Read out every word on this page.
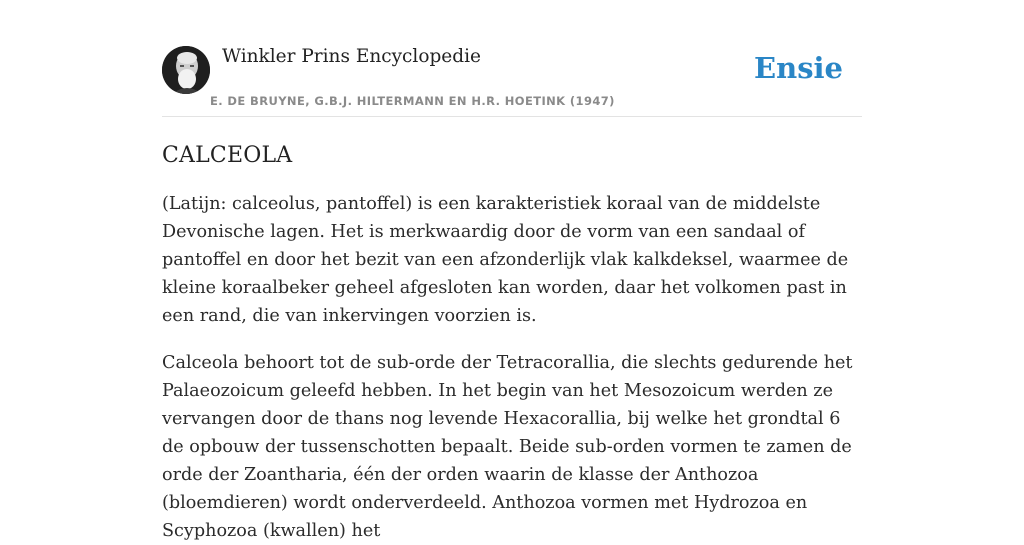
Winkler Prins Encyclopedie
E. DE BRUYNE, G.B.J. HILTERMANN EN H.R. HOETINK (1947)
Ensie
CALCEOLA

(Latijn: calceolus, pantoffel) is een karakteristiek koraal van de middelste Devonische lagen. Het is merkwaardig door de vorm van een sandaal of pantoffel en door het bezit van een afzonderlijk vlak kalkdeksel, waarmee de kleine koraalbeker geheel afgesloten kan worden, daar het volkomen past in een rand, die van inkervingen voorzien is.

Calceola behoort tot de sub-orde der Tetracorallia, die slechts gedurende het Palaeozoicum geleefd hebben. In het begin van het Mesozoicum werden ze vervangen door de thans nog levende Hexacorallia, bij welke het grondtal 6 de opbouw der tussenschotten bepaalt. Beide sub-orden vormen te zamen de orde der Zoantharia, één der orden waarin de klasse der Anthozoa (bloemdieren) wordt onderverdeeld. Anthozoa vormen met Hydrozoa en Scyphozoa (kwallen) het
